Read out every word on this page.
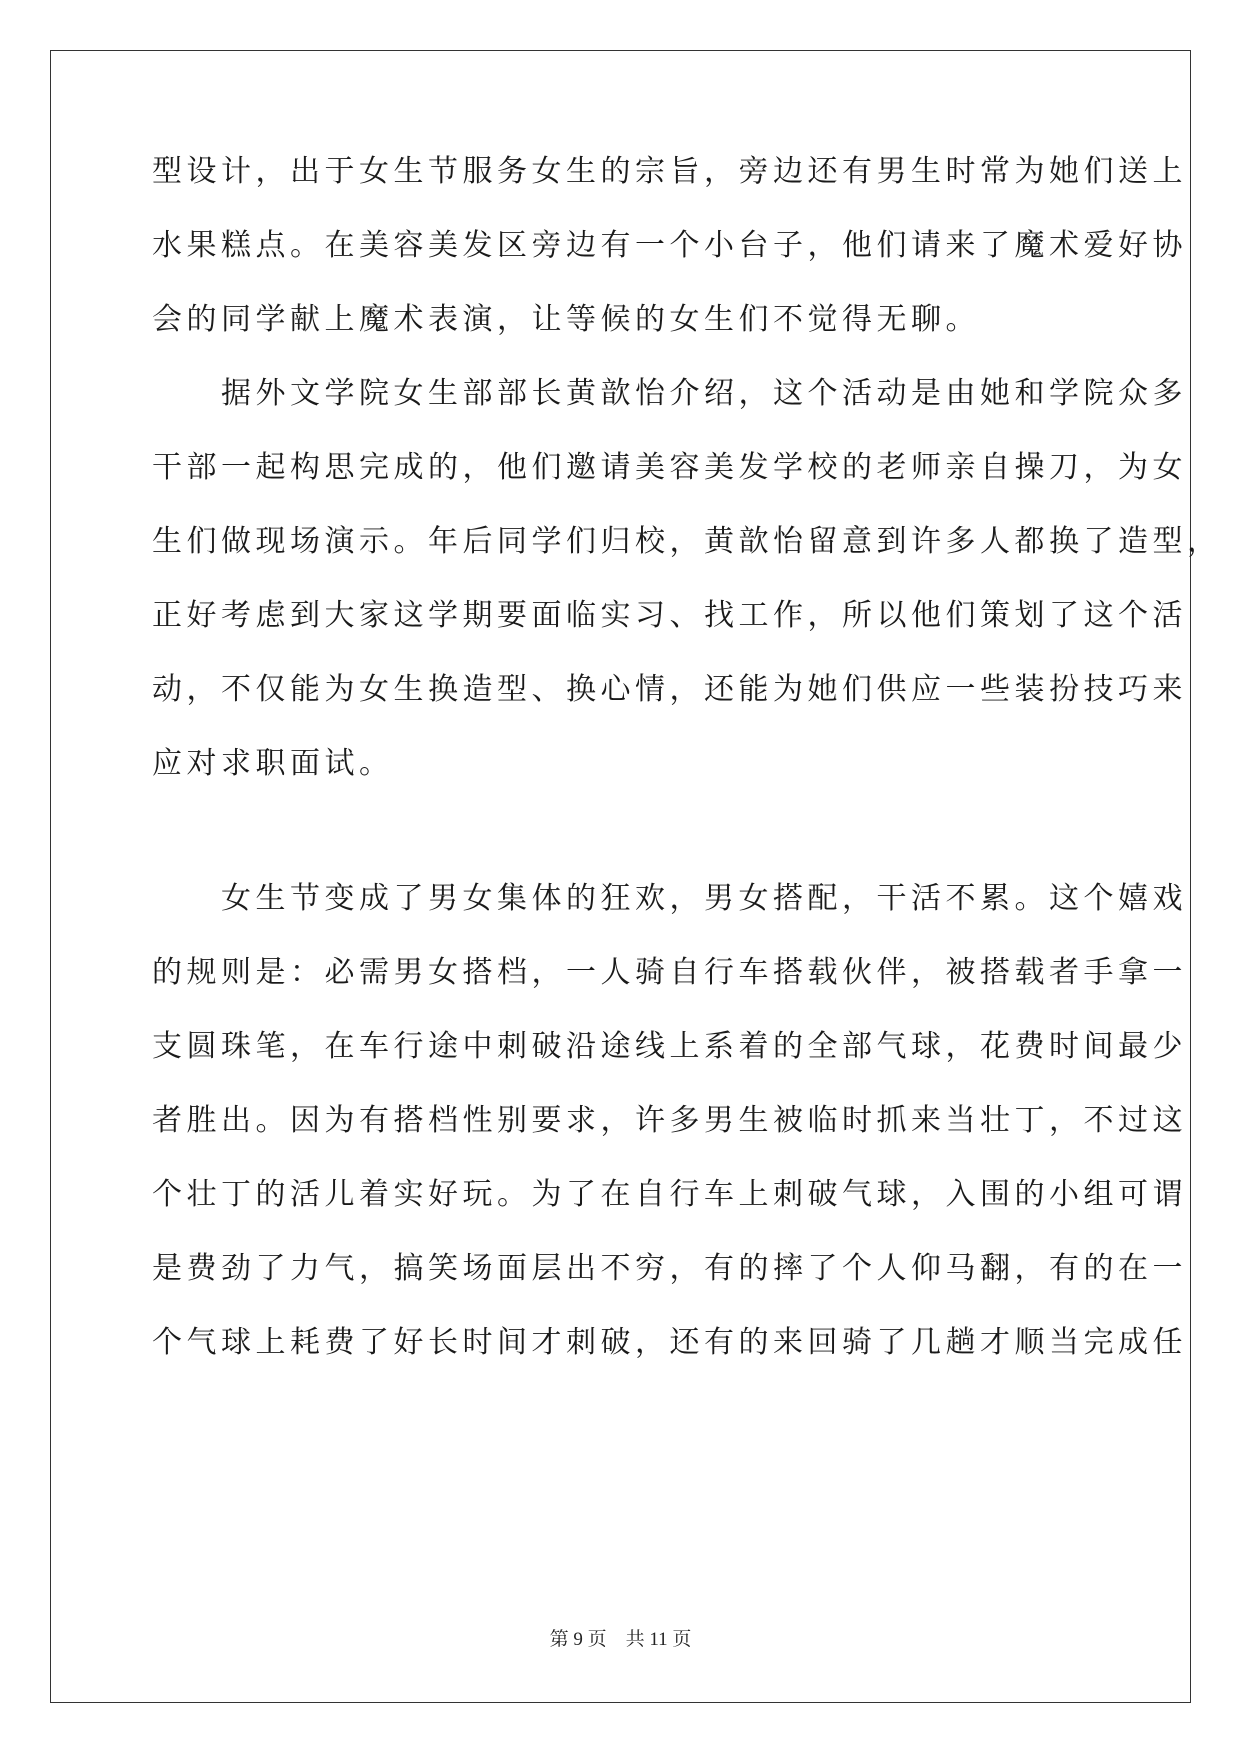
型设计，出于女生节服务女生的宗旨，旁边还有男生时常为她们送上
水果糕点。在美容美发区旁边有一个小台子，他们请来了魔术爱好协
会的同学献上魔术表演，让等候的女生们不觉得无聊。
　　据外文学院女生部部长黄歆怡介绍，这个活动是由她和学院众多
干部一起构思完成的，他们邀请美容美发学校的老师亲自操刀，为女
生们做现场演示。年后同学们归校，黄歆怡留意到许多人都换了造型，
正好考虑到大家这学期要面临实习、找工作，所以他们策划了这个活
动，不仅能为女生换造型、换心情，还能为她们供应一些装扮技巧来
应对求职面试。
　　女生节变成了男女集体的狂欢，男女搭配，干活不累。这个嬉戏
的规则是：必需男女搭档，一人骑自行车搭载伙伴，被搭载者手拿一
支圆珠笔，在车行途中刺破沿途线上系着的全部气球，花费时间最少
者胜出。因为有搭档性别要求，许多男生被临时抓来当壮丁，不过这
个壮丁的活儿着实好玩。为了在自行车上刺破气球，入围的小组可谓
是费劲了力气，搞笑场面层出不穷，有的摔了个人仰马翻，有的在一
个气球上耗费了好长时间才刺破，还有的来回骑了几趟才顺当完成任
第 9 页　共 11 页
